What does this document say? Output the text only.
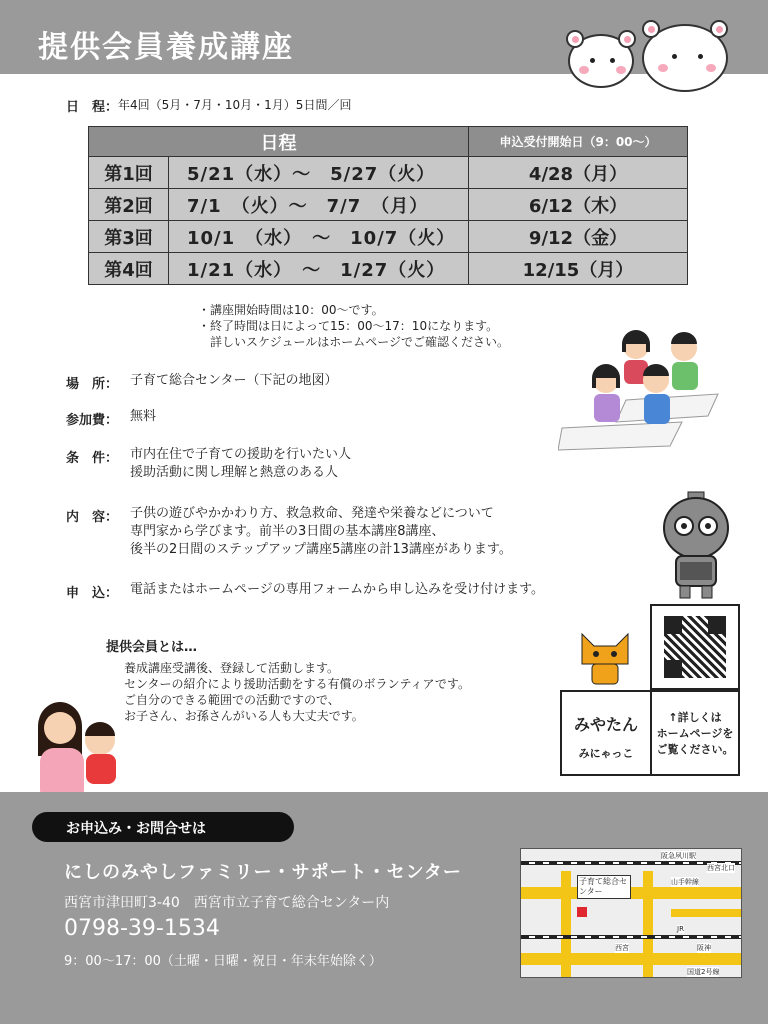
提供会員養成講座
日　程： 年4回（5月・7月・10月・1月）5日間／回
日程		申込受付開始日（9：00〜）
第1回	5/21（水）〜　5/27（火）	4/28（月）
第2回	7/1　（火）〜　7/7　（月）	6/12（木）
第3回	10/1　（水）　〜　10/7（火）	9/12（金）
第4回	1/21（水）　〜　1/27（火）	12/15（月）
・講座開始時間は10：00〜です。
・終了時間は日によって15：00〜17：10になります。
　詳しいスケジュールはホームページでご確認ください。
場　所： 子育て総合センター（下記の地図）
参加費： 無料
条　件： 市内在住で子育ての援助を行いたい人
援助活動に関し理解と熱意のある人
内　容： 子供の遊びやかかわり方、救急救命、発達や栄養などについて
専門家から学びます。前半の3日間の基本講座8講座、
後半の2日間のステップアップ講座5講座の計13講座があります。
申　込： 電話またはホームページの専用フォームから申し込みを受け付けます。
みやたん
みにゃっこ
↑詳しくは
ホームページを
ご覧ください。
提供会員とは…
養成講座受講後、登録して活動します。
センターの紹介により援助活動をする有償のボランティアです。
ご自分のできる範囲での活動ですので、
お子さん、お孫さんがいる人も大丈夫です。
お申込み・お問合せは
にしのみやしファミリー・サポート・センター
西宮市津田町3-40　西宮市立子育て総合センター内
0798-39-1534
9：00〜17：00（土曜・日曜・祝日・年末年始除く）
子育て総合センター
阪急夙川駅
山手幹線
西宮北口
JR
阪神
国道2号線
西宮
